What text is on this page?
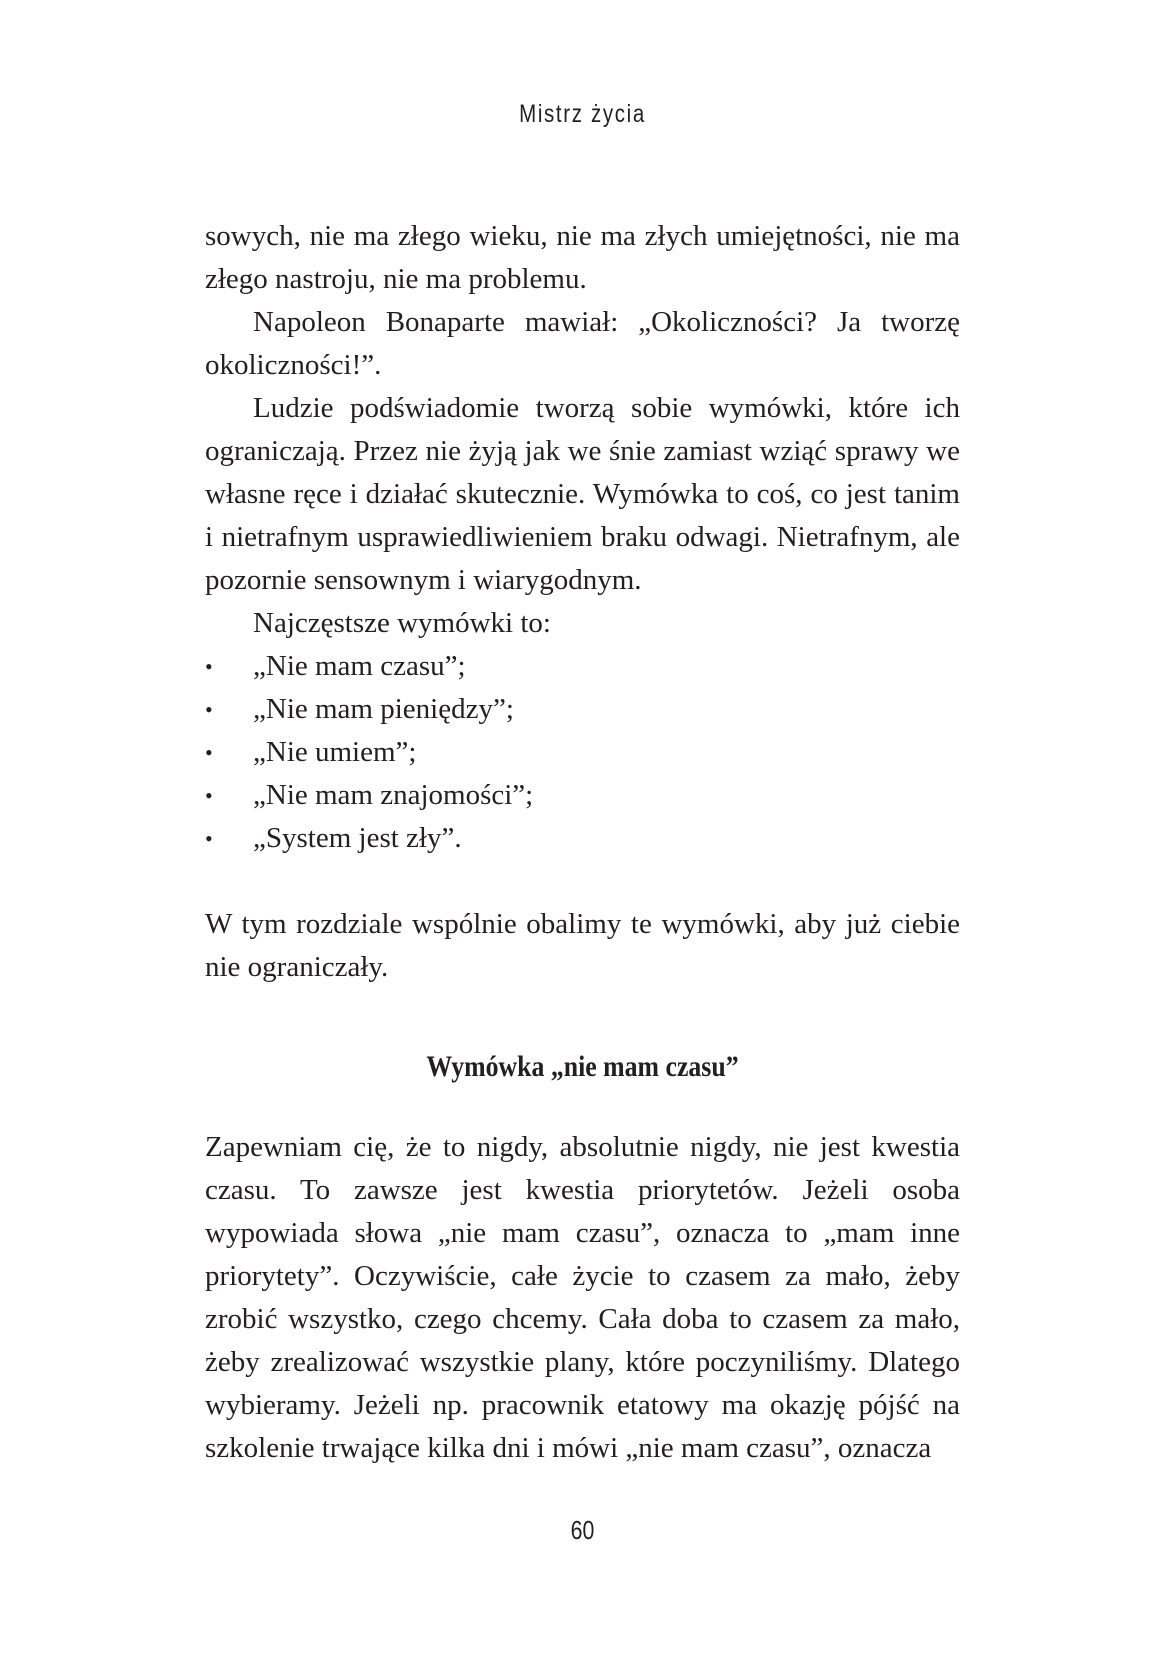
Mistrz życia

sowych, nie ma złego wieku, nie ma złych umiejętności, nie ma złego nastroju, nie ma problemu.

Napoleon Bonaparte mawiał: „Okoliczności? Ja tworzę okoliczności!”.

Ludzie podświadomie tworzą sobie wymówki, które ich ograniczają. Przez nie żyją jak we śnie zamiast wziąć sprawy we własne ręce i działać skutecznie. Wymówka to coś, co jest tanim i nietrafnym usprawiedliwieniem braku odwagi. Nietrafnym, ale pozornie sensownym i wiarygodnym.

Najczęstsze wymówki to:

• „Nie mam czasu”;
• „Nie mam pieniędzy”;
• „Nie umiem”;
• „Nie mam znajomości”;
• „System jest zły”.

W tym rozdziale wspólnie obalimy te wymówki, aby już ciebie nie ograniczały.

Wymówka „nie mam czasu”

Zapewniam cię, że to nigdy, absolutnie nigdy, nie jest kwestia czasu. To zawsze jest kwestia priorytetów. Jeżeli osoba wypowiada słowa „nie mam czasu”, oznacza to „mam inne priorytety”. Oczywiście, całe życie to czasem za mało, żeby zrobić wszystko, czego chcemy. Cała doba to czasem za mało, żeby zrealizować wszystkie plany, które poczyniliśmy. Dlatego wybieramy. Jeżeli np. pracownik etatowy ma okazję pójść na szkolenie trwające kilka dni i mówi „nie mam czasu”, oznacza

60
